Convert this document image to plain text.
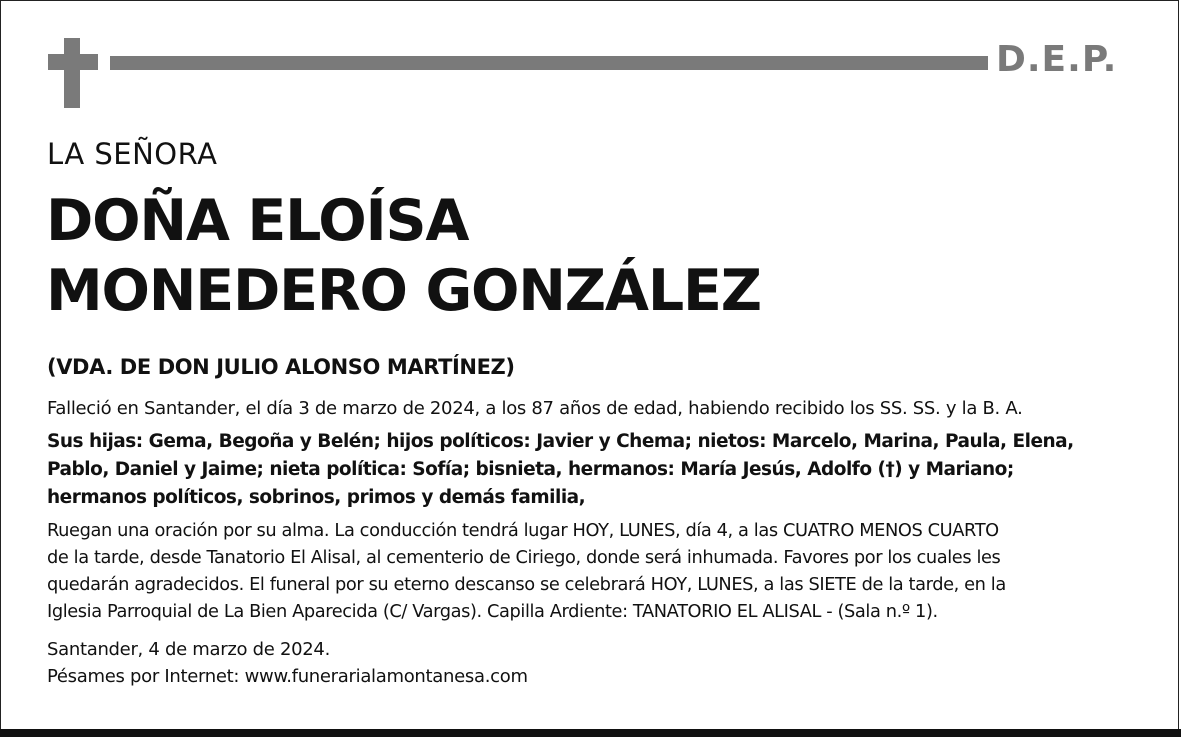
D.E.P.
LA SEÑORA
DOÑA ELOÍSA
MONEDERO GONZÁLEZ
(VDA. DE DON JULIO ALONSO MARTÍNEZ)
Falleció en Santander, el día 3 de marzo de 2024, a los 87 años de edad, habiendo recibido los SS. SS. y la B. A.
Sus hijas: Gema, Begoña y Belén; hijos políticos: Javier y Chema; nietos: Marcelo, Marina, Paula, Elena,
Pablo, Daniel y Jaime; nieta política: Sofía; bisnieta, hermanos: María Jesús, Adolfo (†) y Mariano;
hermanos políticos, sobrinos, primos y demás familia,
Ruegan una oración por su alma. La conducción tendrá lugar HOY, LUNES, día 4, a las CUATRO MENOS CUARTO
de la tarde, desde Tanatorio El Alisal, al cementerio de Ciriego, donde será inhumada. Favores por los cuales les
quedarán agradecidos. El funeral por su eterno descanso se celebrará HOY, LUNES, a las SIETE de la tarde, en la
Iglesia Parroquial de La Bien Aparecida (C/ Vargas). Capilla Ardiente: TANATORIO EL ALISAL - (Sala n.º 1).
Santander, 4 de marzo de 2024.
Pésames por Internet: www.funerarialamontanesa.com
